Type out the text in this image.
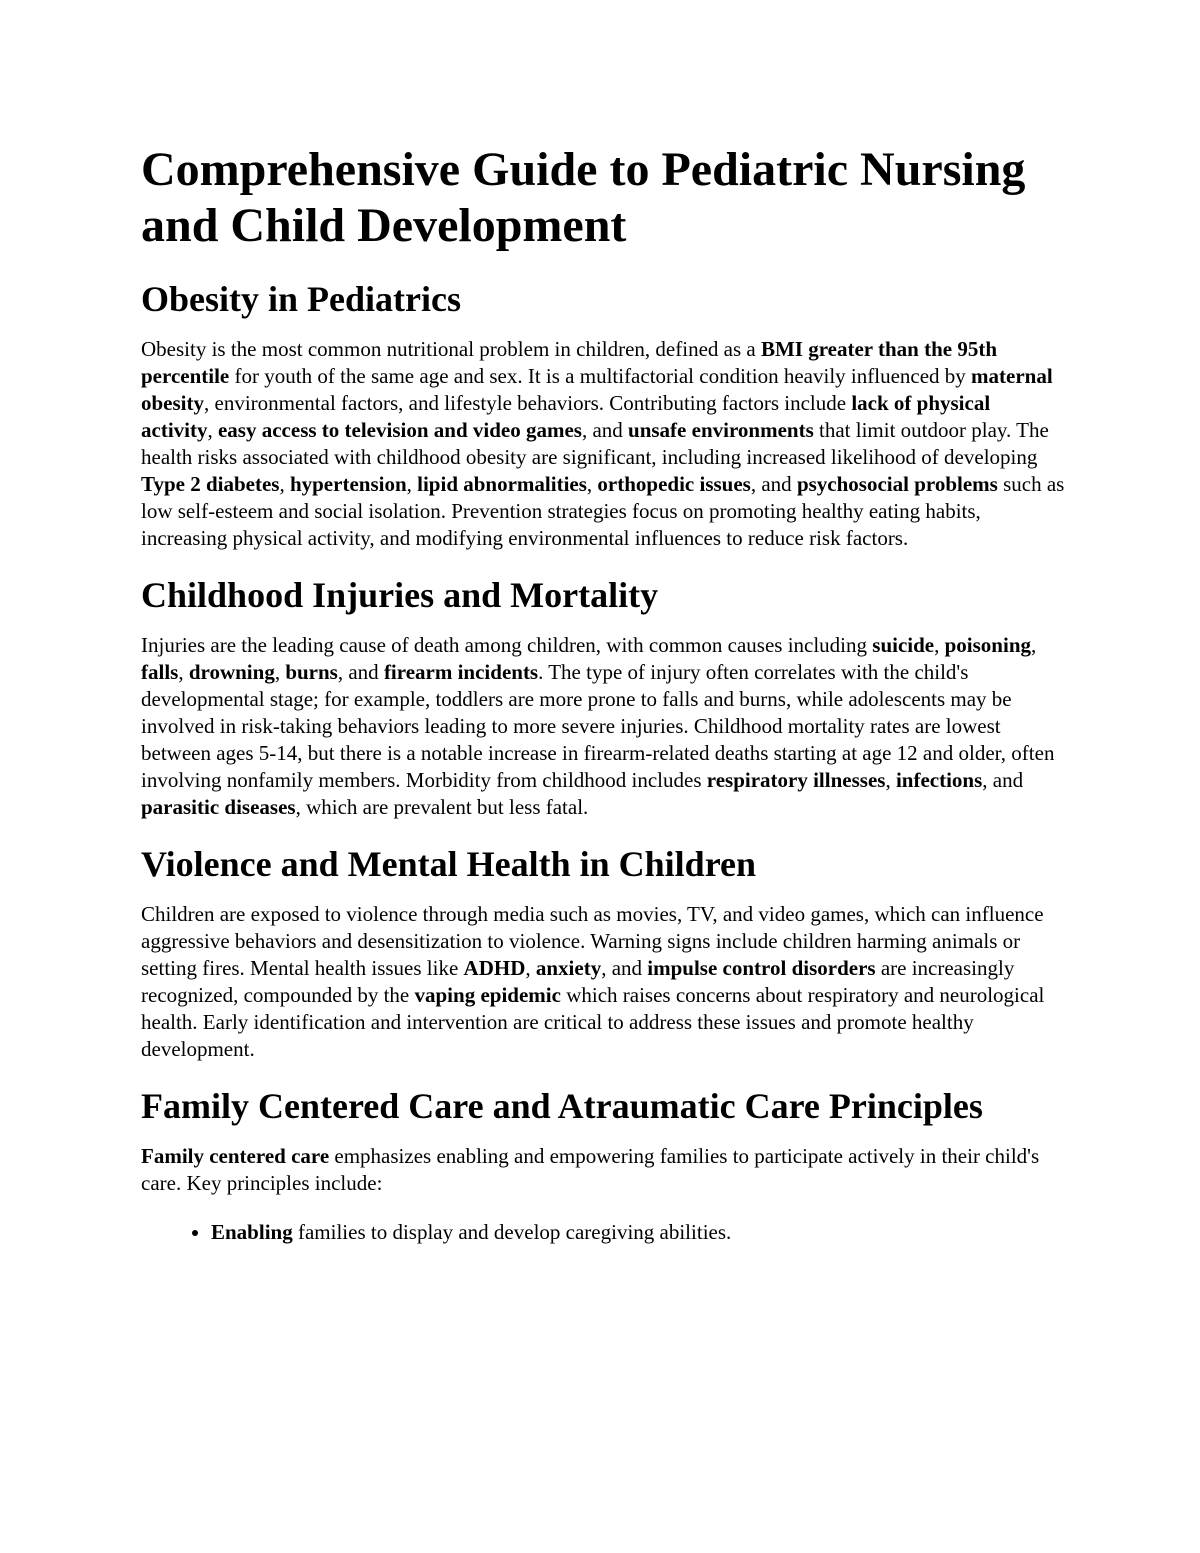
Comprehensive Guide to Pediatric Nursing and Child Development
Obesity in Pediatrics

Obesity is the most common nutritional problem in children, defined as a BMI greater than the 95th percentile for youth of the same age and sex. It is a multifactorial condition heavily influenced by maternal obesity, environmental factors, and lifestyle behaviors. Contributing factors include lack of physical activity, easy access to television and video games, and unsafe environments that limit outdoor play. The health risks associated with childhood obesity are significant, including increased likelihood of developing Type 2 diabetes, hypertension, lipid abnormalities, orthopedic issues, and psychosocial problems such as low self-esteem and social isolation. Prevention strategies focus on promoting healthy eating habits, increasing physical activity, and modifying environmental influences to reduce risk factors.

Childhood Injuries and Mortality

Injuries are the leading cause of death among children, with common causes including suicide, poisoning, falls, drowning, burns, and firearm incidents. The type of injury often correlates with the child's developmental stage; for example, toddlers are more prone to falls and burns, while adolescents may be involved in risk-taking behaviors leading to more severe injuries. Childhood mortality rates are lowest between ages 5-14, but there is a notable increase in firearm-related deaths starting at age 12 and older, often involving nonfamily members. Morbidity from childhood includes respiratory illnesses, infections, and parasitic diseases, which are prevalent but less fatal.

Violence and Mental Health in Children

Children are exposed to violence through media such as movies, TV, and video games, which can influence aggressive behaviors and desensitization to violence. Warning signs include children harming animals or setting fires. Mental health issues like ADHD, anxiety, and impulse control disorders are increasingly recognized, compounded by the vaping epidemic which raises concerns about respiratory and neurological health. Early identification and intervention are critical to address these issues and promote healthy development.

Family Centered Care and Atraumatic Care Principles

Family centered care emphasizes enabling and empowering families to participate actively in their child's care. Key principles include:

• Enabling families to display and develop caregiving abilities.
